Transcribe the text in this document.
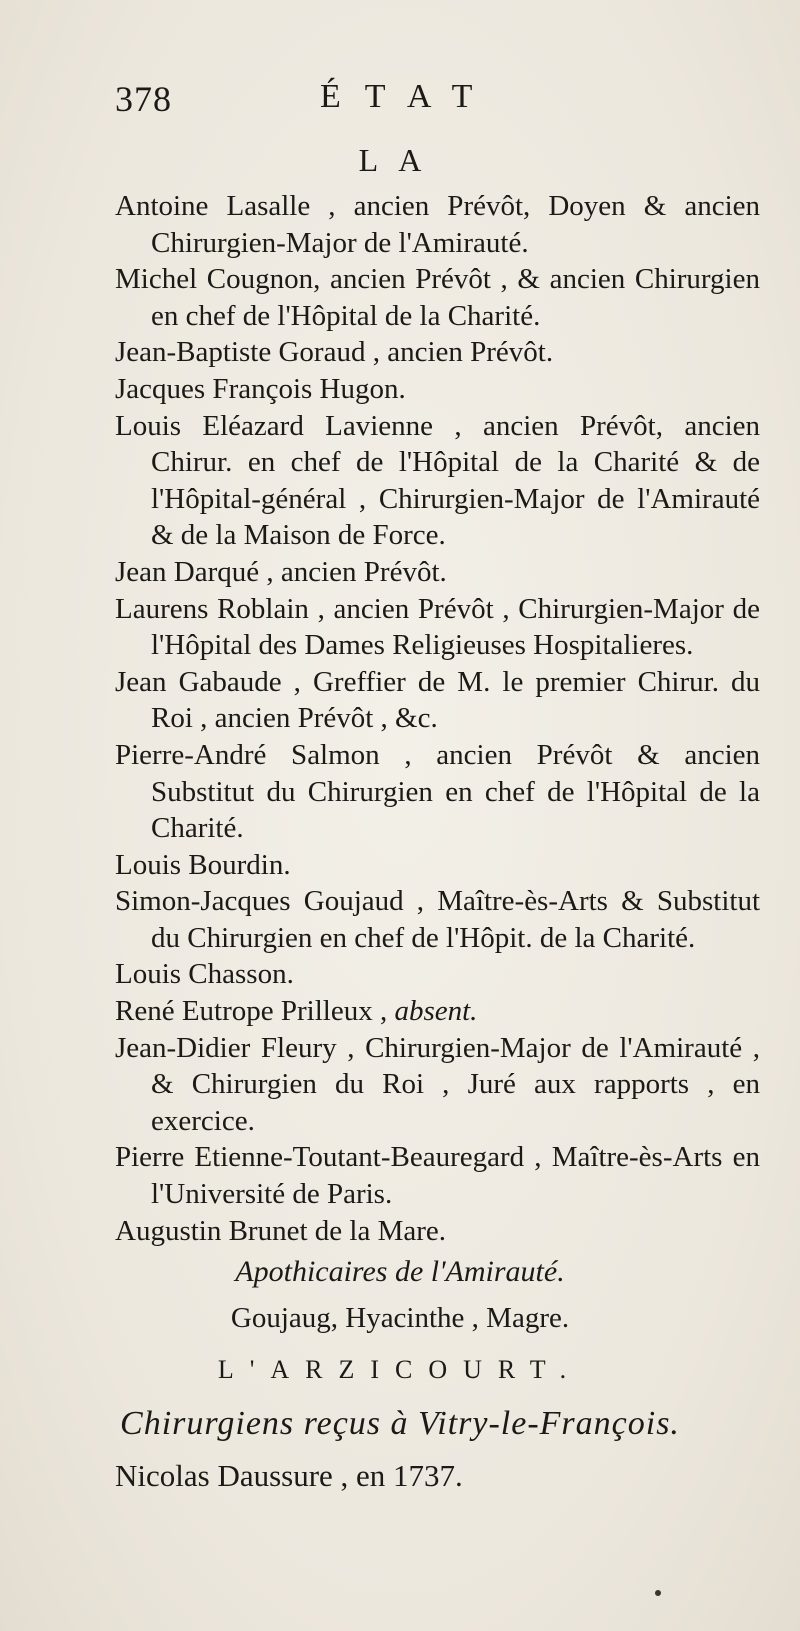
378	ÉTAT
LA
Antoine Lasalle , ancien Prévôt, Doyen & ancien Chirurgien-Major de l'Amirauté.
Michel Cougnon, ancien Prévôt , & ancien Chirurgien en chef de l'Hôpital de la Charité.
Jean-Baptiste Goraud , ancien Prévôt.
Jacques François Hugon.
Louis Eléazard Lavienne , ancien Prévôt, ancien Chirur. en chef de l'Hôpital de la Charité & de l'Hôpital-général , Chirurgien-Major de l'Amirauté & de la Maison de Force.
Jean Darqué , ancien Prévôt.
Laurens Roblain , ancien Prévôt , Chirurgien-Major de l'Hôpital des Dames Religieuses Hospitalieres.
Jean Gabaude , Greffier de M. le premier Chirur. du Roi , ancien Prévôt , &c.
Pierre-André Salmon , ancien Prévôt & ancien Substitut du Chirurgien en chef de l'Hôpital de la Charité.
Louis Bourdin.
Simon-Jacques Goujaud , Maître-ès-Arts & Substitut du Chirurgien en chef de l'Hôpit. de la Charité.
Louis Chasson.
René Eutrope Prilleux , absent.
Jean-Didier Fleury , Chirurgien-Major de l'Amirauté , & Chirurgien du Roi , Juré aux rapports , en exercice.
Pierre Etienne-Toutant-Beauregard , Maître-ès-Arts en l'Université de Paris.
Augustin Brunet de la Mare.
Apothicaires de l'Amirauté.
Goujaug, Hyacinthe , Magre.
L'ARZICOURT.
Chirurgiens reçus à Vitry-le-François.
Nicolas Daussure , en 1737.
